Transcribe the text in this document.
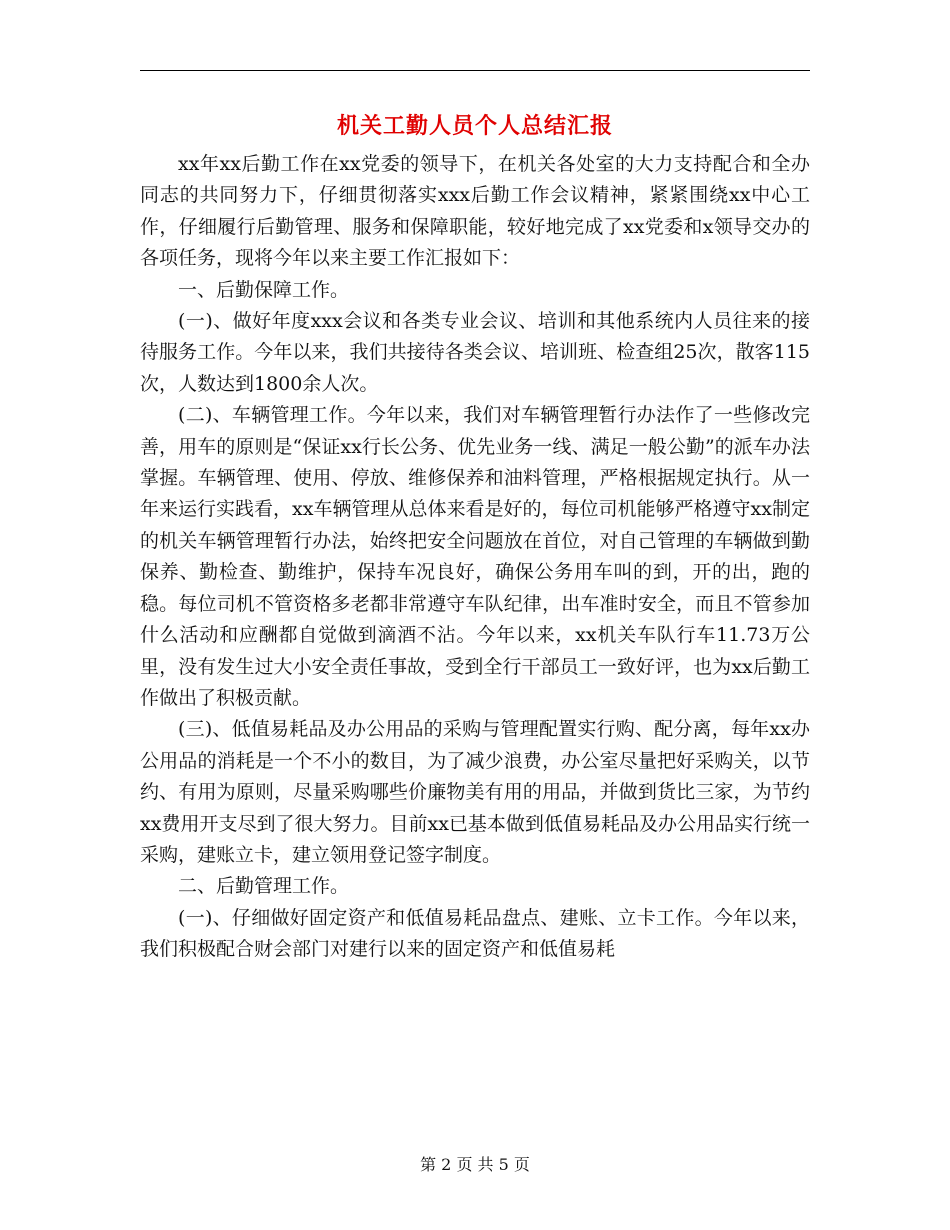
机关工勤人员个人总结汇报

xx年xx后勤工作在xx党委的领导下，在机关各处室的大力支持配合和全办同志的共同努力下，仔细贯彻落实xxx后勤工作会议精神，紧紧围绕xx中心工作，仔细履行后勤管理、服务和保障职能，较好地完成了xx党委和x领导交办的各项任务，现将今年以来主要工作汇报如下：

一、后勤保障工作。

(一)、做好年度xxx会议和各类专业会议、培训和其他系统内人员往来的接待服务工作。今年以来，我们共接待各类会议、培训班、检查组25次，散客115次，人数达到1800余人次。

(二)、车辆管理工作。今年以来，我们对车辆管理暂行办法作了一些修改完善，用车的原则是“保证xx行长公务、优先业务一线、满足一般公勤”的派车办法掌握。车辆管理、使用、停放、维修保养和油料管理，严格根据规定执行。从一年来运行实践看，xx车辆管理从总体来看是好的，每位司机能够严格遵守xx制定的机关车辆管理暂行办法，始终把安全问题放在首位，对自己管理的车辆做到勤保养、勤检查、勤维护，保持车况良好，确保公务用车叫的到，开的出，跑的稳。每位司机不管资格多老都非常遵守车队纪律，出车准时安全，而且不管参加什么活动和应酬都自觉做到滴酒不沾。今年以来，xx机关车队行车11.73万公里，没有发生过大小安全责任事故，受到全行干部员工一致好评，也为xx后勤工作做出了积极贡献。

(三)、低值易耗品及办公用品的采购与管理配置实行购、配分离，每年xx办公用品的消耗是一个不小的数目，为了减少浪费，办公室尽量把好采购关，以节约、有用为原则，尽量采购哪些价廉物美有用的用品，并做到货比三家，为节约xx费用开支尽到了很大努力。目前xx已基本做到低值易耗品及办公用品实行统一采购，建账立卡，建立领用登记签字制度。

二、后勤管理工作。

(一)、仔细做好固定资产和低值易耗品盘点、建账、立卡工作。今年以来，我们积极配合财会部门对建行以来的固定资产和低值易耗

第 2 页 共 5 页
